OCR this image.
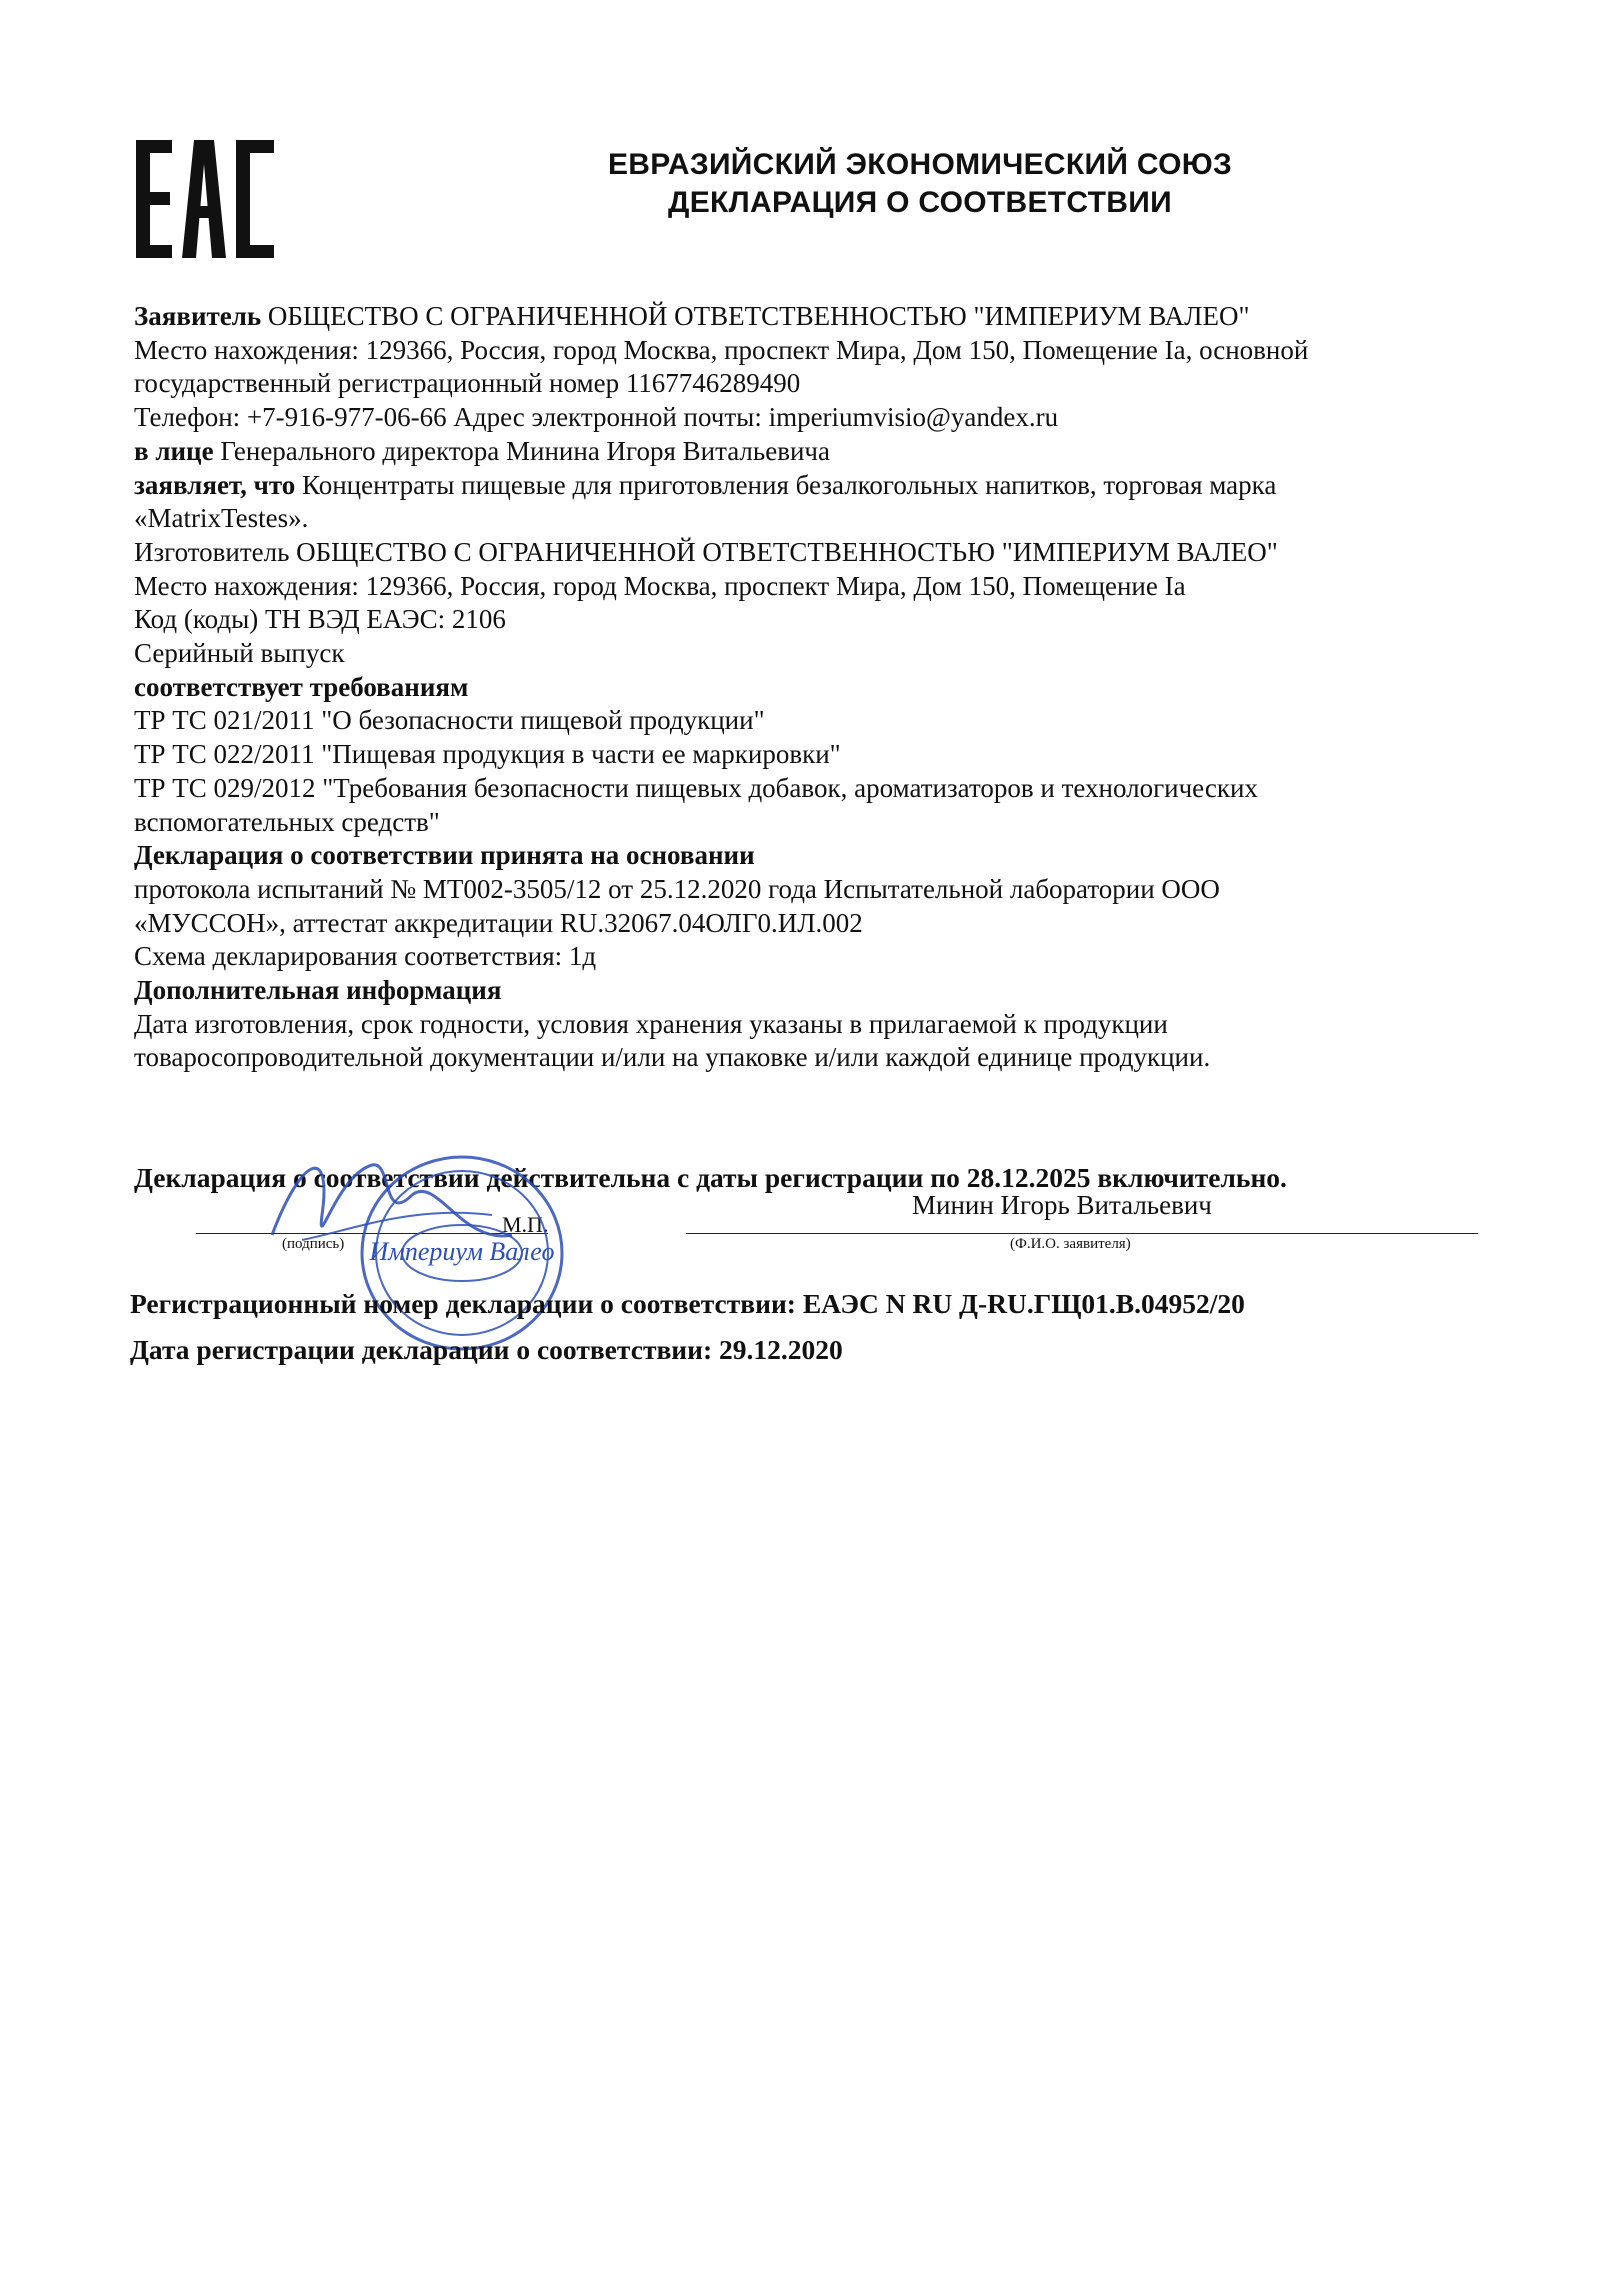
ЕВРАЗИЙСКИЙ ЭКОНОМИЧЕСКИЙ СОЮЗ
ДЕКЛАРАЦИЯ О СООТВЕТСТВИИ

Заявитель ОБЩЕСТВО С ОГРАНИЧЕННОЙ ОТВЕТСТВЕННОСТЬЮ "ИМПЕРИУМ ВАЛЕО"

Место нахождения: 129366, Россия, город Москва, проспект Мира, Дом 150, Помещение Iа, основной

государственный регистрационный номер 1167746289490

Телефон: +7-916-977-06-66 Адрес электронной почты: imperiumvisio@yandex.ru

в лице Генерального директора Минина Игоря Витальевича

заявляет, что Концентраты пищевые для приготовления безалкогольных напитков, торговая марка

«MatrixTestes».

Изготовитель ОБЩЕСТВО С ОГРАНИЧЕННОЙ ОТВЕТСТВЕННОСТЬЮ "ИМПЕРИУМ ВАЛЕО"

Место нахождения: 129366, Россия, город Москва, проспект Мира, Дом 150, Помещение Iа

Код (коды) ТН ВЭД ЕАЭС: 2106

Серийный выпуск

соответствует требованиям

ТР ТС 021/2011 "О безопасности пищевой продукции"

ТР ТС 022/2011 "Пищевая продукция в части ее маркировки"

ТР ТС 029/2012 "Требования безопасности пищевых добавок, ароматизаторов и технологических

вспомогательных средств"

Декларация о соответствии принята на основании

протокола испытаний № МТ002-3505/12 от 25.12.2020 года Испытательной лаборатории ООО

«МУССОН», аттестат аккредитации RU.32067.04ОЛГ0.ИЛ.002

Схема декларирования соответствия: 1д

Дополнительная информация

Дата изготовления, срок годности, условия хранения указаны в прилагаемой к продукции

товаросопроводительной документации и/или на упаковке и/или каждой единице продукции.

Декларация о соответствии действительна с даты регистрации по 28.12.2025 включительно.
(подпись)
М.П.
Минин Игорь Витальевич
(Ф.И.О. заявителя)
Империум Валео
Регистрационный номер декларации о соответствии: ЕАЭС N RU Д-RU.ГЩ01.В.04952/20
Дата регистрации декларации о соответствии: 29.12.2020
